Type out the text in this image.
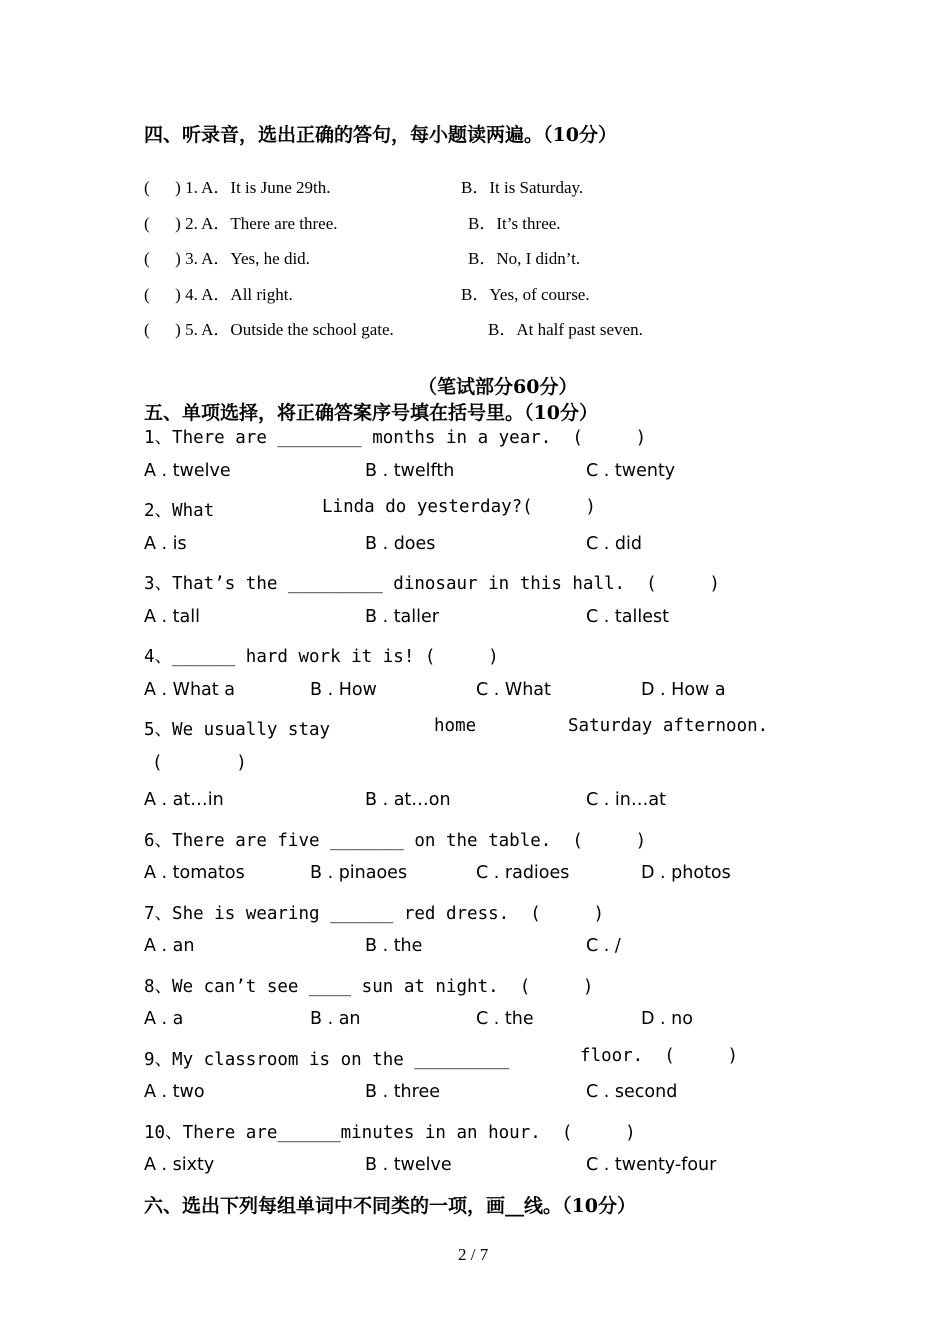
四、听录音，选出正确的答句，每小题读两遍。（10分）
(      ) 1. A．It is June 29th.	B．It is Saturday.
(      ) 2. A．There are three.	B．It’s three.
(      ) 3. A．Yes, he did.	B．No, I didn’t.
(      ) 4. A．All right.	B．Yes, of course.
(      ) 5. A．Outside the school gate.	B．At half past seven.
（笔试部分60分）
五、单项选择，将正确答案序号填在括号里。（10分）
1、There are ________ months in a year.  (     )
A . twelve	B . twelfth	C . twenty
2、What	Linda do yesterday?(     )
A . is	B . does	C . did
3、That’s the _________ dinosaur in this hall.  (     )
A . tall	B . taller	C . tallest
4、______ hard work it is! (     )
A . What a	B . How	C . What	D . How a
5、We usually stay	home	Saturday afternoon.
(       )
A . at…in	B . at…on	C . in…at
6、There are five _______ on the table.  (     )
A . tomatos	B . pinaoes	C . radioes	D . photos
7、She is wearing ______ red dress.  (     )
A . an	B . the	C . /
8、We can’t see ____ sun at night.  (     )
A . a	B . an	C . the	D . no
9、My classroom is on the _________	floor.  (     )
A . two	B . three	C . second
10、There are______minutes in an hour.  (     )
A . sixty	B . twelve	C . twenty-four
六、选出下列每组单词中不同类的一项，画__线。（10分）
2 / 7
